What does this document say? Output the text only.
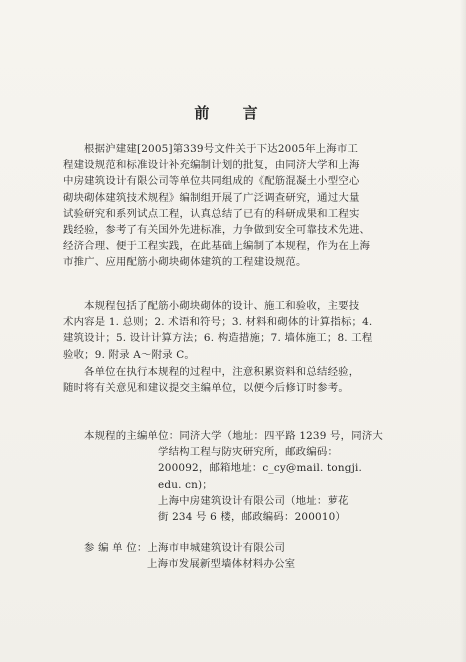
前 言
根据沪建建[2005]第339号文件关于下达2005年上海市工
程建设规范和标准设计补充编制计划的批复，由同济大学和上海
中房建筑设计有限公司等单位共同组成的《配筋混凝土小型空心
砌块砌体建筑技术规程》编制组开展了广泛调查研究，通过大量
试验研究和系列试点工程，认真总结了已有的科研成果和工程实
践经验，参考了有关国外先进标准，力争做到安全可靠技术先进、
经济合理、便于工程实践，在此基础上编制了本规程，作为在上海
市推广、应用配筋小砌块砌体建筑的工程建设规范。
本规程包括了配筋小砌块砌体的设计、施工和验收，主要技
术内容是 1. 总则；2. 术语和符号；3. 材料和砌体的计算指标；4.
建筑设计；5. 设计计算方法；6. 构造措施；7. 墙体施工；8. 工程
验收；9. 附录 A～附录 C。
各单位在执行本规程的过程中，注意积累资料和总结经验，
随时将有关意见和建议提交主编单位，以便今后修订时参考。
本规程的主编单位：同济大学（地址：四平路 1239 号，同济大
学结构工程与防灾研究所，邮政编码：
200092，邮箱地址：c_cy@mail. tongji.
edu. cn)；
上海中房建筑设计有限公司（地址：萝花
街 234 号 6 楼，邮政编码：200010）
参 编 单 位：上海市申城建筑设计有限公司
上海市发展新型墙体材料办公室
